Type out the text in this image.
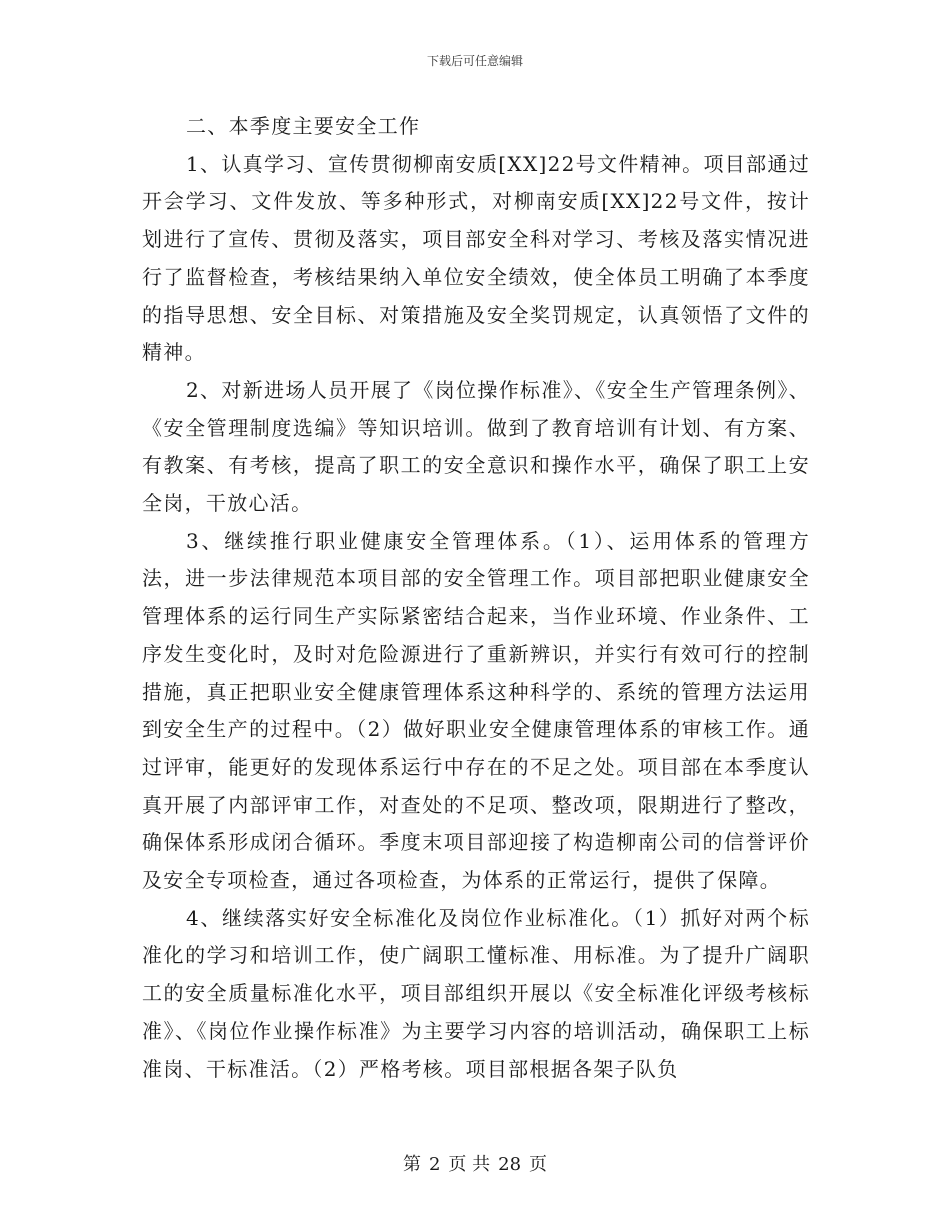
下载后可任意编辑

二、本季度主要安全工作

1、认真学习、宣传贯彻柳南安质[XX]22号文件精神。项目部通过开会学习、文件发放、等多种形式，对柳南安质[XX]22号文件，按计划进行了宣传、贯彻及落实，项目部安全科对学习、考核及落实情况进行了监督检查，考核结果纳入单位安全绩效，使全体员工明确了本季度的指导思想、安全目标、对策措施及安全奖罚规定，认真领悟了文件的精神。

2、对新进场人员开展了《岗位操作标准》、《安全生产管理条例》、《安全管理制度选编》等知识培训。做到了教育培训有计划、有方案、有教案、有考核，提高了职工的安全意识和操作水平，确保了职工上安全岗，干放心活。

3、继续推行职业健康安全管理体系。（1）、运用体系的管理方法，进一步法律规范本项目部的安全管理工作。项目部把职业健康安全管理体系的运行同生产实际紧密结合起来，当作业环境、作业条件、工序发生变化时，及时对危险源进行了重新辨识，并实行有效可行的控制措施，真正把职业安全健康管理体系这种科学的、系统的管理方法运用到安全生产的过程中。（2）做好职业安全健康管理体系的审核工作。通过评审，能更好的发现体系运行中存在的不足之处。项目部在本季度认真开展了内部评审工作，对查处的不足项、整改项，限期进行了整改，确保体系形成闭合循环。季度末项目部迎接了构造柳南公司的信誉评价及安全专项检查，通过各项检查，为体系的正常运行，提供了保障。

4、继续落实好安全标准化及岗位作业标准化。（1）抓好对两个标准化的学习和培训工作，使广阔职工懂标准、用标准。为了提升广阔职工的安全质量标准化水平，项目部组织开展以《安全标准化评级考核标准》、《岗位作业操作标准》为主要学习内容的培训活动，确保职工上标准岗、干标准活。（2）严格考核。项目部根据各架子队负

第 2 页 共 28 页
